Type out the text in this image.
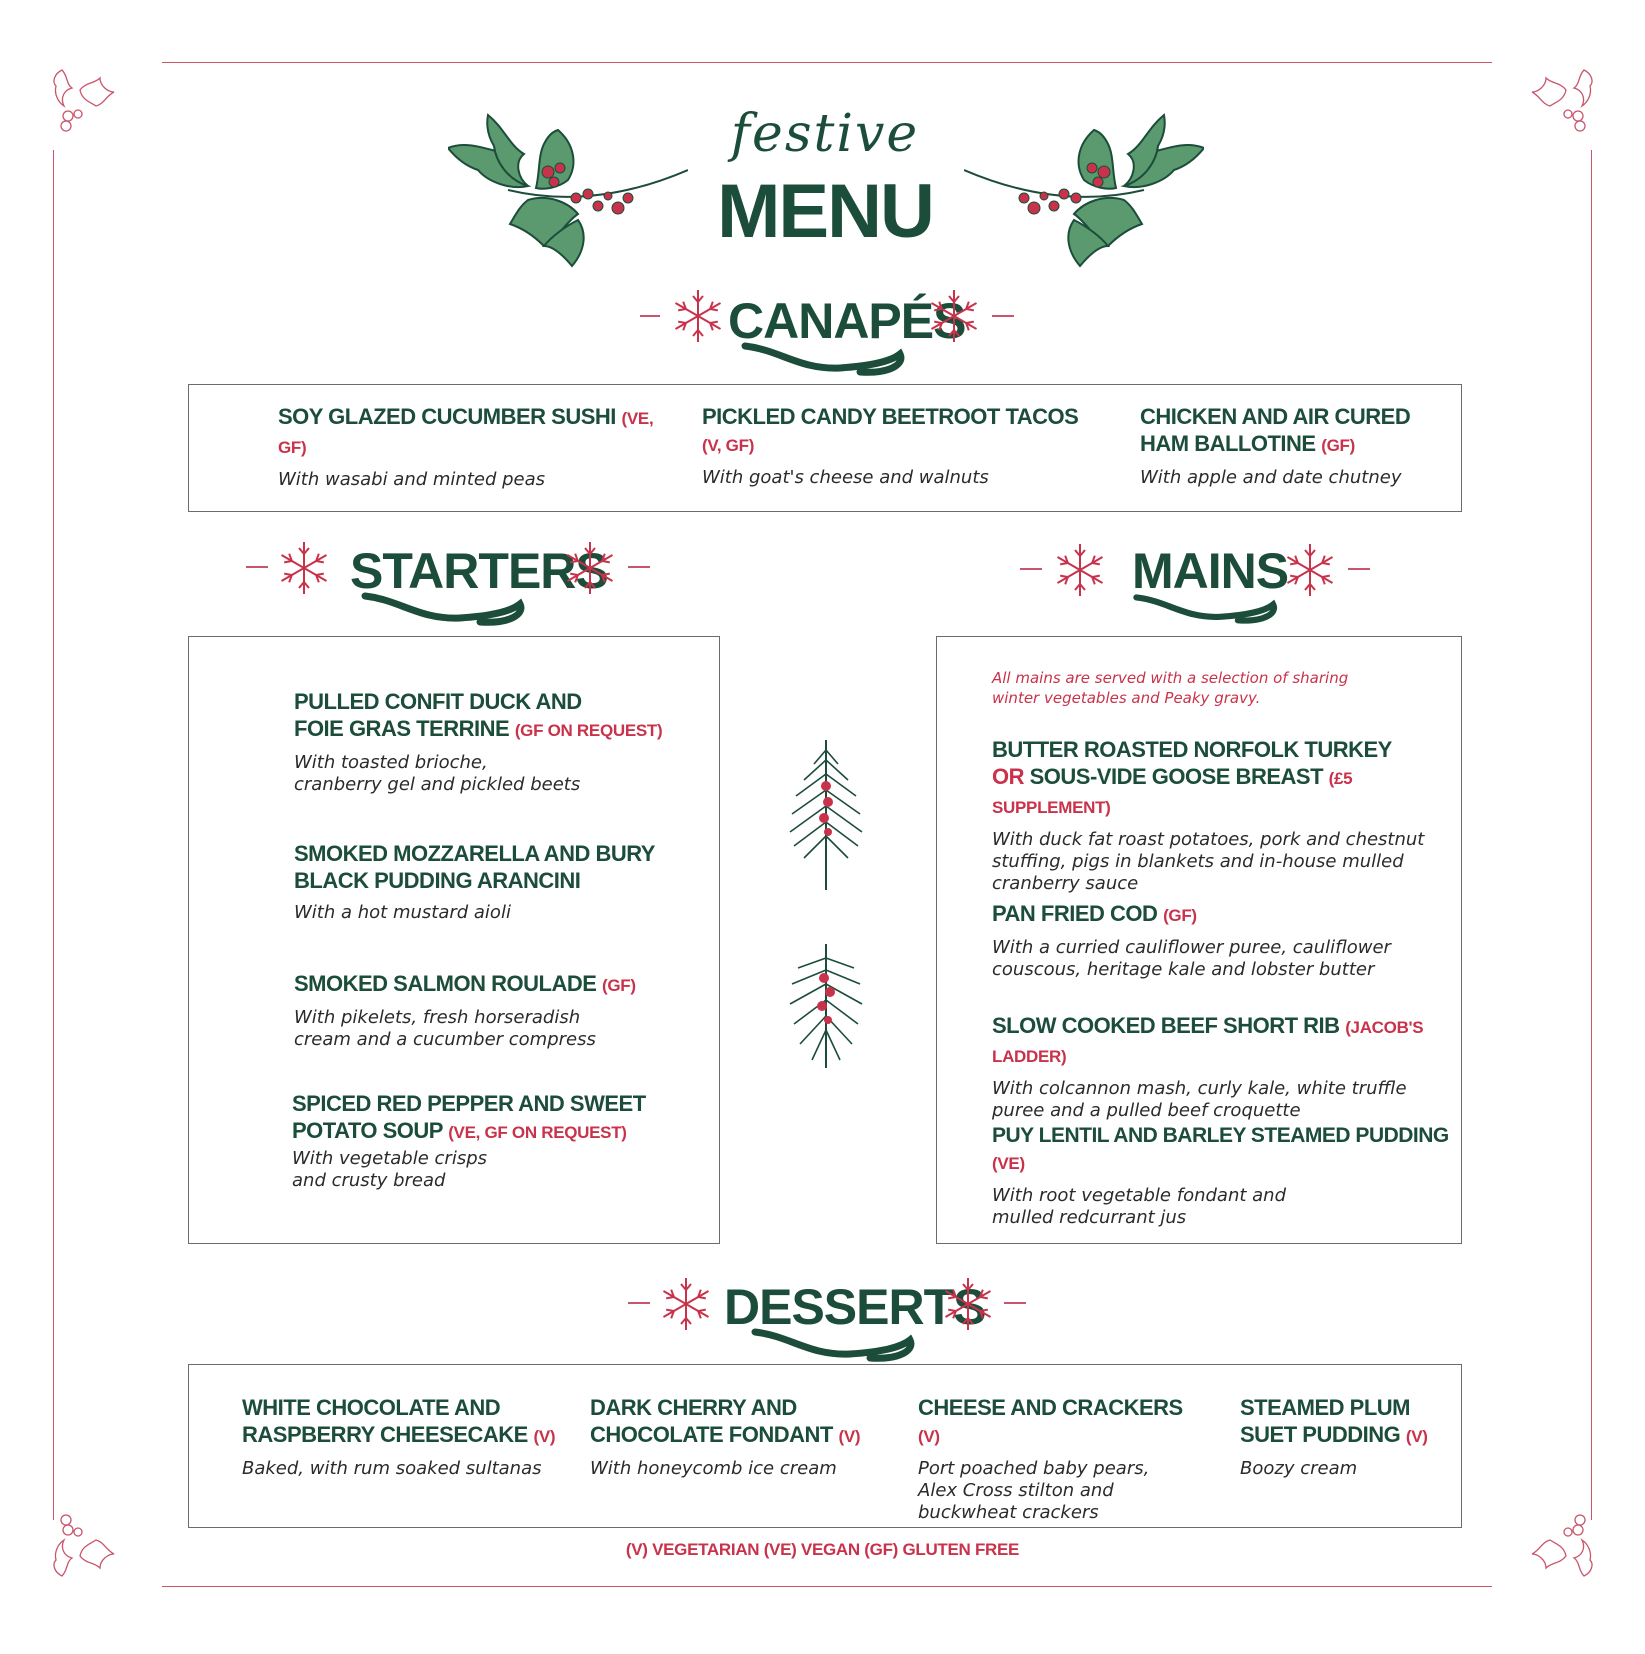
festive
MENU
CANAPÉS
SOY GLAZED CUCUMBER SUSHI (VE, GF)
With wasabi and minted peas
PICKLED CANDY BEETROOT TACOS (V, GF)
With goat's cheese and walnuts
CHICKEN AND AIR CURED
HAM BALLOTINE (GF)
With apple and date chutney
STARTERS	MAINS
PULLED CONFIT DUCK AND
FOIE GRAS TERRINE (GF ON REQUEST)
With toasted brioche,
cranberry gel and pickled beets
SMOKED MOZZARELLA AND BURY
BLACK PUDDING ARANCINI
With a hot mustard aioli
SMOKED SALMON ROULADE (GF)
With pikelets, fresh horseradish
cream and a cucumber compress
SPICED RED PEPPER AND SWEET
POTATO SOUP (VE, GF ON REQUEST)
With vegetable crisps
and crusty bread
All mains are served with a selection of sharing
winter vegetables and Peaky gravy.
BUTTER ROASTED NORFOLK TURKEY
OR SOUS-VIDE GOOSE BREAST (£5 SUPPLEMENT)
With duck fat roast potatoes, pork and chestnut
stuffing, pigs in blankets and in-house mulled
cranberry sauce
PAN FRIED COD (GF)
With a curried cauliflower puree, cauliflower
couscous, heritage kale and lobster butter
SLOW COOKED BEEF SHORT RIB (JACOB'S LADDER)
With colcannon mash, curly kale, white truffle
puree and a pulled beef croquette
PUY LENTIL AND BARLEY STEAMED PUDDING (VE)
With root vegetable fondant and
mulled redcurrant jus
DESSERTS
WHITE CHOCOLATE AND
RASPBERRY CHEESECAKE (V)
Baked, with rum soaked sultanas
DARK CHERRY AND
CHOCOLATE FONDANT (V)
With honeycomb ice cream
CHEESE AND CRACKERS (V)
Port poached baby pears,
Alex Cross stilton and
buckwheat crackers
STEAMED PLUM
SUET PUDDING (V)
Boozy cream
(V) VEGETARIAN (VE) VEGAN (GF) GLUTEN FREE
